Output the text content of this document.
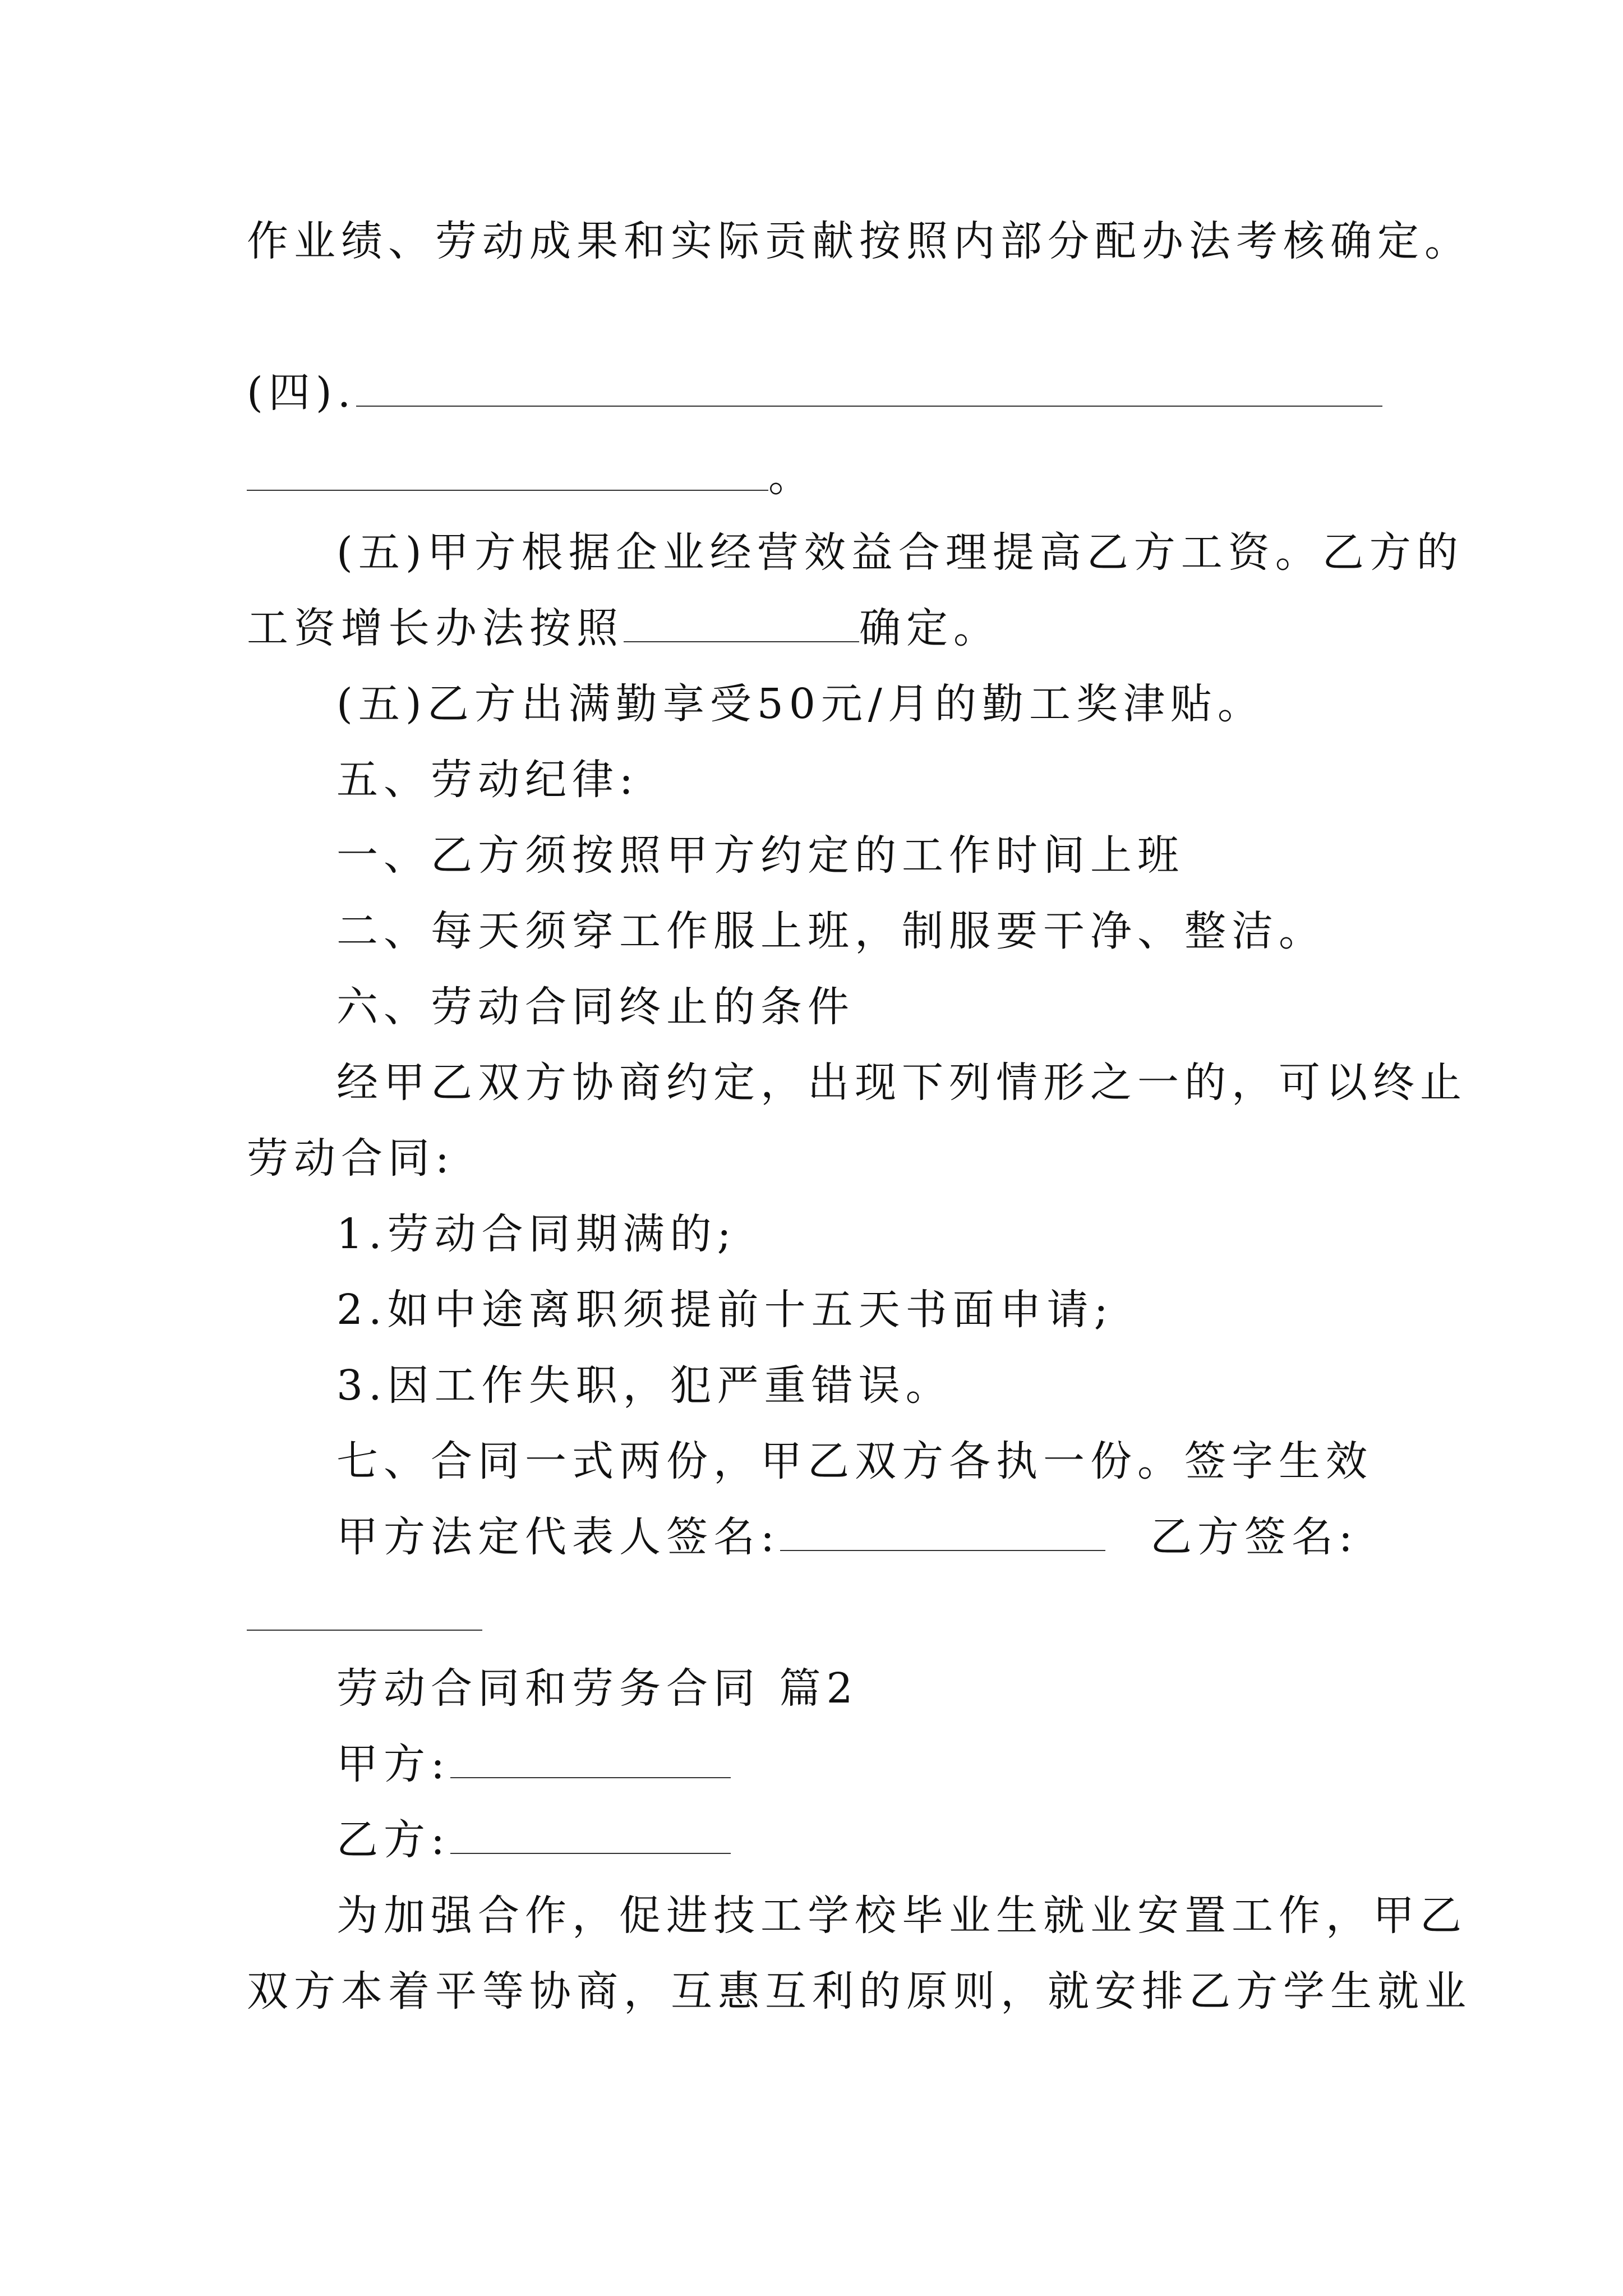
作业绩、劳动成果和实际贡献按照内部分配办法考核确定。
(四).
。
(五)甲方根据企业经营效益合理提高乙方工资。乙方的
工资增长办法按照	确定。
(五)乙方出满勤享受50元/月的勤工奖津贴。
五、劳动纪律:
一、乙方须按照甲方约定的工作时间上班
二、每天须穿工作服上班，制服要干净、整洁。
六、劳动合同终止的条件
经甲乙双方协商约定，出现下列情形之一的，可以终止
劳动合同:
1.劳动合同期满的;
2.如中途离职须提前十五天书面申请;
3.因工作失职，犯严重错误。
七、合同一式两份，甲乙双方各执一份。签字生效
甲方法定代表人签名:	乙方签名:
劳动合同和劳务合同 篇2
甲方:
乙方:
为加强合作，促进技工学校毕业生就业安置工作，甲乙
双方本着平等协商，互惠互利的原则，就安排乙方学生就业
